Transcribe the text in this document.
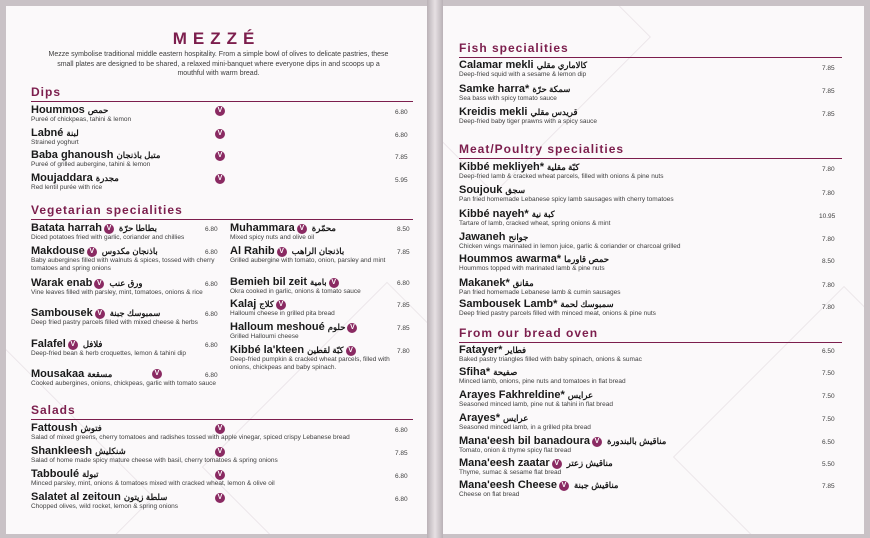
MEZZÉ
Mezze symbolise traditional middle eastern hospitality. From a simple bowl of olives to delicate pastries, these small plates are designed to be shared, a relaxed mini-banquet where everyone dips in and scoops up a mouthful with warm bread.
Dips
Hoummos حمص
Pureé of chickpeas, tahini & lemon
V	6.80
Labné لبنة
Strained yoghurt
V	6.80
Baba ghanoush متبل باذنجان
Pureé of grilled aubergine, tahini & lemon
V	7.85
Moujaddara مجدرة
Red lentil purée with rice
V	5.95
Vegetarian specialities
Batata harrah V بطاطا حرّة
Diced potatoes fried with garlic, coriander and chillies
6.80
Makdouse V باذنجان مكدوس
Baby aubergines filled with walnuts & spices, tossed with cherry tomatoes and spring onions
6.80
Warak enab V ورق عنب
Vine leaves filled with parsley, mint, tomatoes, onions & rice
6.80
Sambousek V سمبوسك جبنة
Deep fried pastry parcels filled with mixed cheese & herbs
6.80
Falafel V فلافل
Deep-fried bean & herb croquettes, lemon & tahini dip
6.80
Mousakaa مسقعة
Cooked aubergines, onions, chickpeas, garlic with tomato sauce
V	6.80
Muhammara V محمّرة
Mixed spicy nuts and olive oil
8.50
Al Rahib V باذنجان الراهب
Grilled aubergine with tomato, onion, parsley and mint
7.85
Bemieh bil zeit بامية V
Okra cooked in garlic, onions & tomato sauce
6.80
Kalaj كلاج V
Halloumi cheese in grilled pita bread
7.85
Halloum meshoué حلوم V
Grilled Halloumi cheese
7.85
Kibbé la'kteen كبّة لقطين V
Deep-fried pumpkin & cracked wheat parcels, filled with onions, chickpeas and baby spinach.
7.80
Salads
Fattoush فتوش
Salad of mixed greens, cherry tomatoes and radishes tossed with apple vinegar, spiced crispy Lebanese bread
V	6.80
Shankleesh شنكليش
Salad of home made spicy mature cheese with basil, cherry tomatoes & spring onions
V	7.85
Tabboulé تبولة
Minced parsley, mint, onions & tomatoes mixed with cracked wheat, lemon & olive oil
V	6.80
Salatet al zeitoun سلطة زيتون
Chopped olives, wild rocket, lemon & spring onions
V	6.80
Fish specialities
Calamar mekli كالاماري مقلي
Deep-fried squid with a sesame & lemon dip
7.85
Samke harra* سمكة حرّة
Sea bass with spicy tomato sauce
7.85
Kreidis mekli قريدس مقلي
Deep-fried baby tiger prawns with a spicy sauce
7.85
Meat/Poultry specialities
Kibbé mekliyeh* كبّة مقلية
Deep-fried lamb & cracked wheat parcels, filled with onions & pine nuts
7.80
Soujouk سجق
Pan fried homemade Lebanese spicy lamb sausages with cherry tomatoes
7.80
Kibbé nayeh* كبة نية
Tartare of lamb, cracked wheat, spring onions & mint
10.95
Jawaneh جوانح
Chicken wings marinated in lemon juice, garlic & coriander or charcoal grilled
7.80
Hoummos awarma* حمص قاورما
Hoummos topped with marinated lamb & pine nuts
8.50
Makanek* مقانق
Pan fried homemade Lebanese lamb & cumin sausages
7.80
Sambousek Lamb* سمبوسك لحمة
Deep fried pastry parcels filled with minced meat, onions & pine nuts
7.80
From our bread oven
Fatayer* فطاير
Baked pastry triangles filled with baby spinach, onions & sumac
6.50
Sfiha* صفيحة
Minced lamb, onions, pine nuts and tomatoes in flat bread
7.50
Arayes Fakhreldine* عرايس
Seasoned minced lamb, pine nut & tahini in flat bread
7.50
Arayes* عرايس
Seasoned minced lamb, in a grilled pita bread
7.50
Mana'eesh bil banadoura V مناقيش بالبندورة
Tomato, onion & thyme spicy flat bread
6.50
Mana'eesh zaatar V مناقيش زعتر
Thyme, sumac & sesame flat bread
5.50
Mana'eesh Cheese V مناقيش جبنة
Cheese on flat bread
7.85
